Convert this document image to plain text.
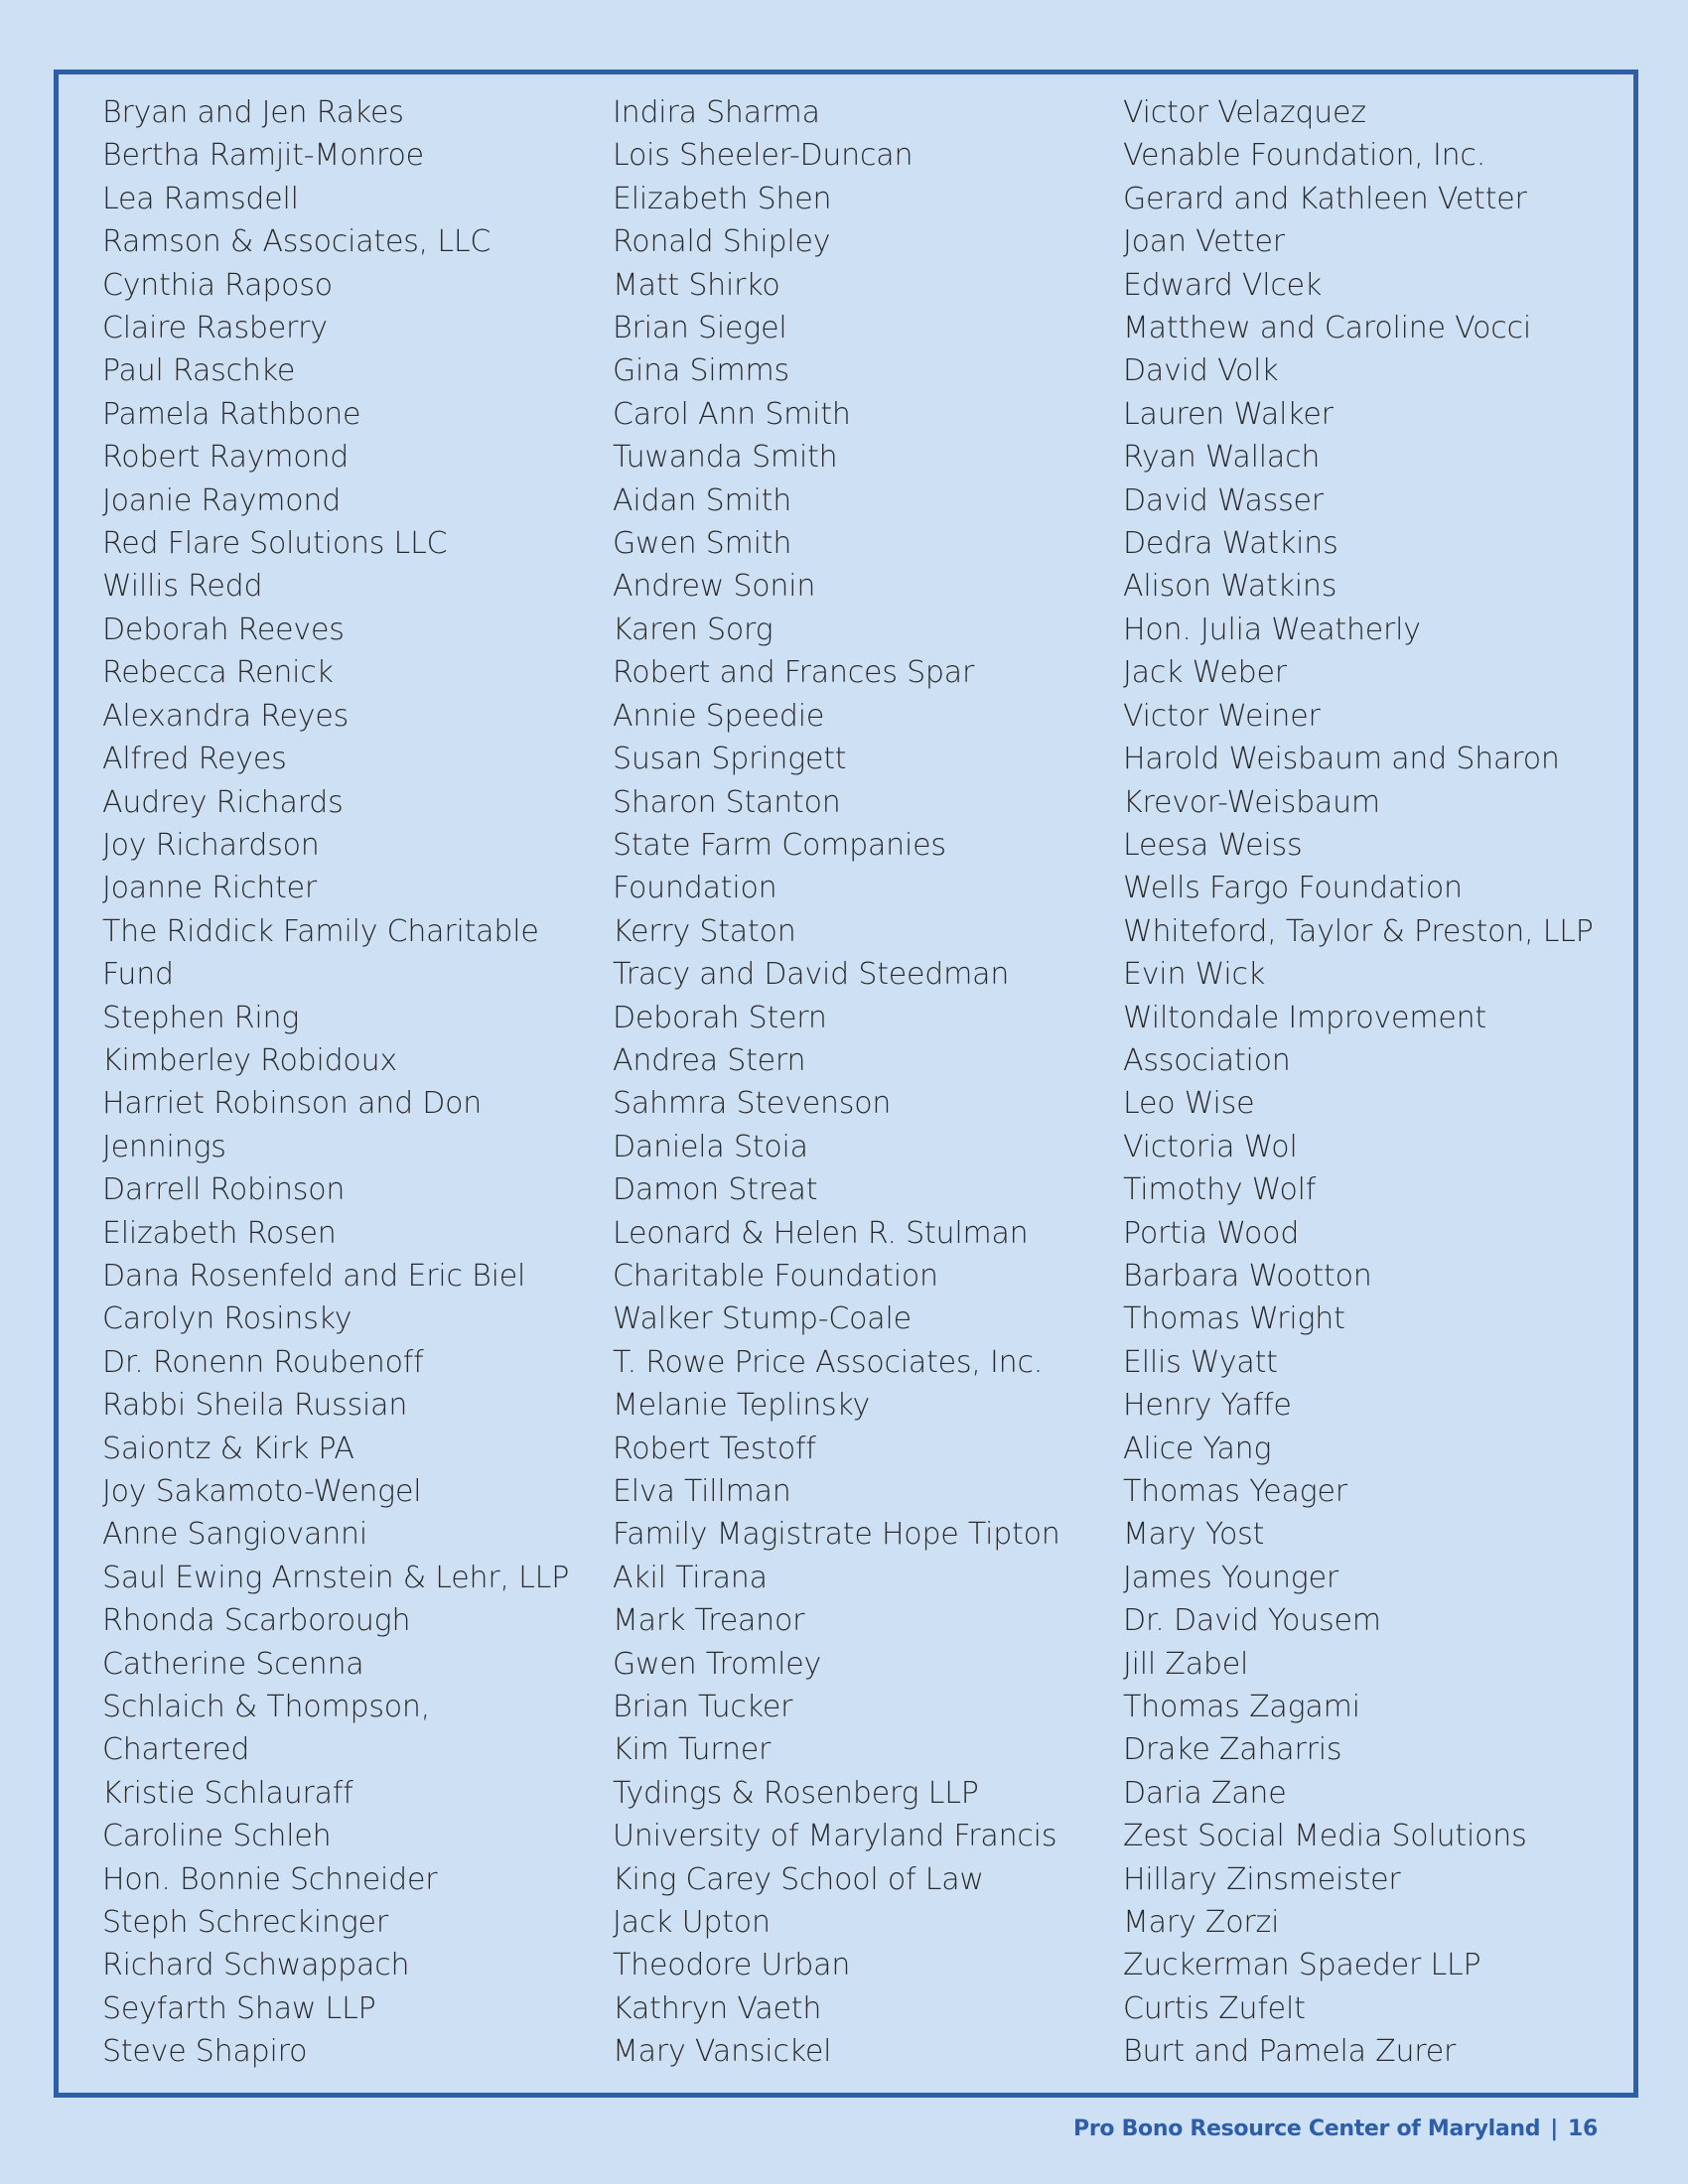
Bryan and Jen Rakes
Bertha Ramjit-Monroe
Lea Ramsdell
Ramson & Associates, LLC
Cynthia Raposo
Claire Rasberry
Paul Raschke
Pamela Rathbone
Robert Raymond
Joanie Raymond
Red Flare Solutions LLC
Willis Redd
Deborah Reeves
Rebecca Renick
Alexandra Reyes
Alfred Reyes
Audrey Richards
Joy Richardson
Joanne Richter
The Riddick Family Charitable
Fund
Stephen Ring
Kimberley Robidoux
Harriet Robinson and Don
Jennings
Darrell Robinson
Elizabeth Rosen
Dana Rosenfeld and Eric Biel
Carolyn Rosinsky
Dr. Ronenn Roubenoff
Rabbi Sheila Russian
Saiontz & Kirk PA
Joy Sakamoto-Wengel
Anne Sangiovanni
Saul Ewing Arnstein & Lehr, LLP
Rhonda Scarborough
Catherine Scenna
Schlaich & Thompson,
Chartered
Kristie Schlauraff
Caroline Schleh
Hon. Bonnie Schneider
Steph Schreckinger
Richard Schwappach
Seyfarth Shaw LLP
Steve Shapiro
Indira Sharma
Lois Sheeler-Duncan
Elizabeth Shen
Ronald Shipley
Matt Shirko
Brian Siegel
Gina Simms
Carol Ann Smith
Tuwanda Smith
Aidan Smith
Gwen Smith
Andrew Sonin
Karen Sorg
Robert and Frances Spar
Annie Speedie
Susan Springett
Sharon Stanton
State Farm Companies
Foundation
Kerry Staton
Tracy and David Steedman
Deborah Stern
Andrea Stern
Sahmra Stevenson
Daniela Stoia
Damon Streat
Leonard & Helen R. Stulman
Charitable Foundation
Walker Stump-Coale
T. Rowe Price Associates, Inc.
Melanie Teplinsky
Robert Testoff
Elva Tillman
Family Magistrate Hope Tipton
Akil Tirana
Mark Treanor
Gwen Tromley
Brian Tucker
Kim Turner
Tydings & Rosenberg LLP
University of Maryland Francis
King Carey School of Law
Jack Upton
Theodore Urban
Kathryn Vaeth
Mary Vansickel
Victor Velazquez
Venable Foundation, Inc.
Gerard and Kathleen Vetter
Joan Vetter
Edward Vlcek
Matthew and Caroline Vocci
David Volk
Lauren Walker
Ryan Wallach
David Wasser
Dedra Watkins
Alison Watkins
Hon. Julia Weatherly
Jack Weber
Victor Weiner
Harold Weisbaum and Sharon
Krevor-Weisbaum
Leesa Weiss
Wells Fargo Foundation
Whiteford, Taylor & Preston, LLP
Evin Wick
Wiltondale Improvement
Association
Leo Wise
Victoria Wol
Timothy Wolf
Portia Wood
Barbara Wootton
Thomas Wright
Ellis Wyatt
Henry Yaffe
Alice Yang
Thomas Yeager
Mary Yost
James Younger
Dr. David Yousem
Jill Zabel
Thomas Zagami
Drake Zaharris
Daria Zane
Zest Social Media Solutions
Hillary Zinsmeister
Mary Zorzi
Zuckerman Spaeder LLP
Curtis Zufelt
Burt and Pamela Zurer
Pro Bono Resource Center of Maryland | 16
